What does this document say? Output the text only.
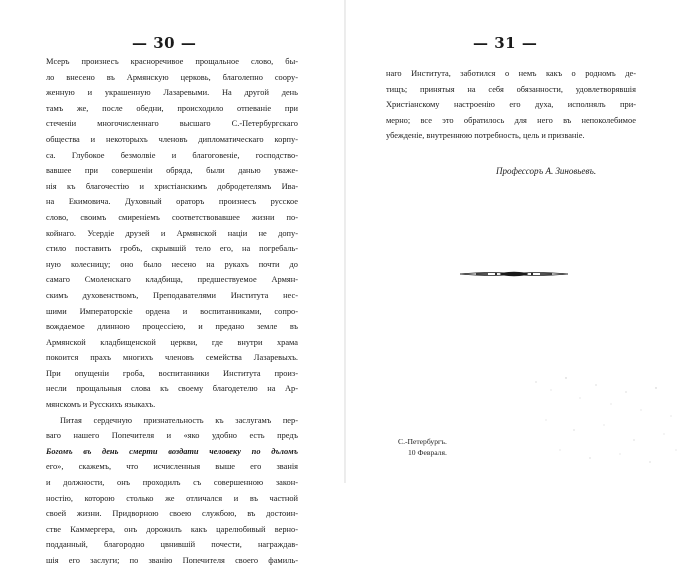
— 30 —
Мсеръ произнесъ красноречивое прощальное слово, бы-
ло внесено въ Армянскую церковь, благолепно соору-
женную и украшенную Лазаревыми. На другой день
тамъ же, после обедни, происходило отпеванiе при
стеченiи многочисленнаго высшаго С.-Петербургскаго
общества и некоторыхъ членовъ дипломатическаго корпу-
са. Глубокое безмолвiе и благоговенiе, господство-
вавшее при совершенiи обряда, были данью уваже-
нiя къ благочестiю и христiанскимъ добродетелямъ Ива-
на Екимовича. Духовный ораторъ произнесъ русское
слово, своимъ смиренiемъ соответствовавшее жизни по-
койнаго. Усердiе друзей и Армянской нацiи не допу-
стило поставить гробъ, скрывшiй тело его, на погребаль-
ную колесницу; оно было несено на рукахъ почти до
самаго Смоленскаго кладбища, предшествуемое Армян-
скимъ духовенствомъ, Преподавателями Института нес-
шими Императорскiе ордена и воспитанниками, сопро-
вождаемое длинною процессiею, и предано земле въ
Армянской кладбищенской церкви, где внутри храма
покоится прахъ многихъ членовъ семейства Лазаревыхъ.
При опущенiи гроба, воспитанники Института произ-
несли прощальныя слова къ своему благодетелю на Ар-
мянскомъ и Русскихъ языкахъ.
Питая сердечную признательность къ заслугамъ пер-
ваго нашего Попечителя и «яко удобно есть предъ
Богомъ въ день смерти воздати человеку по дъломъ
его», скажемъ, что исчисленныя выше его званiя
и должности, онъ проходилъ съ совершенною закон-
ностiю, которою столько же отличался и въ частной
своей жизни. Придворною своею службою, въ достоин-
стве Каммергера, онъ дорожилъ какъ царелюбивый верно-
подданный, благородно цвнившiй почести, награждав-
шiя его заслуги; по званiю Попечителя своего фамиль-
— 31 —
наго Института, заботился о немъ какъ о родномъ де-
тищъ; принятыя на себя обязанности, удовлетворявшiя
Христiанскому настроенiю его духа, исполнялъ при-
мерно; все это обратилось для него въ непоколебимое
убежденiе, внутреннюю потребность, цель и призванiе.
Профессоръ А. Зиновьевъ.
С.-Петербургъ.
10 Февраля.
